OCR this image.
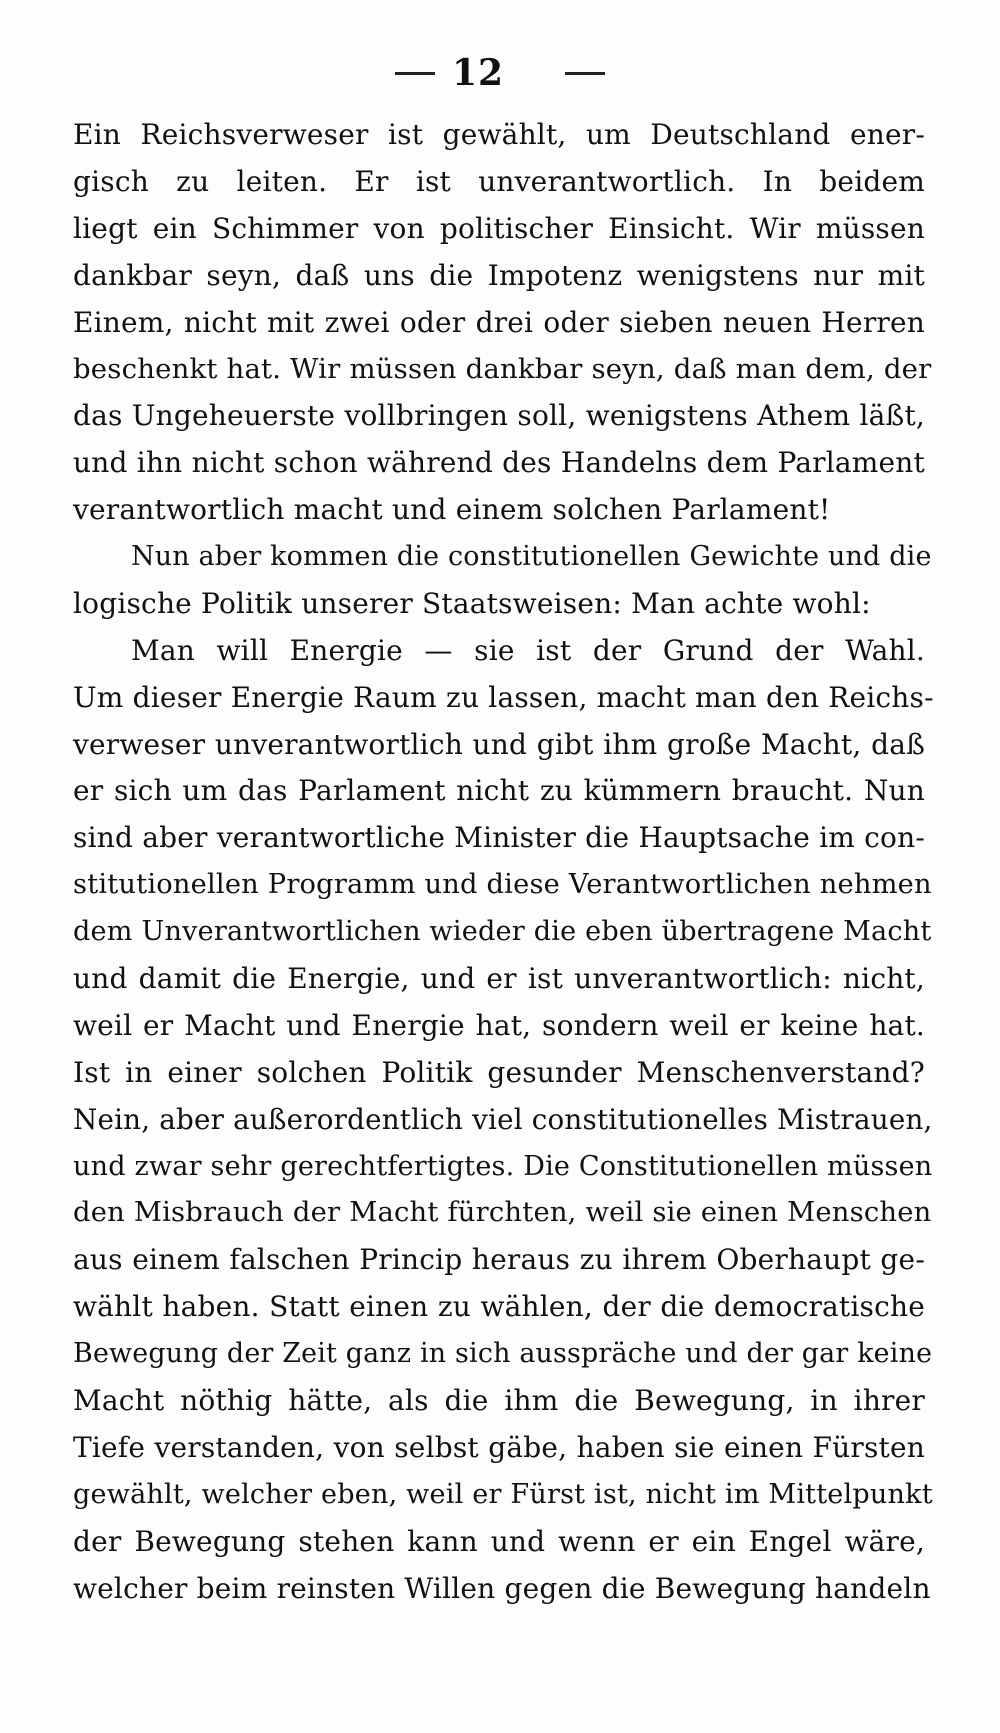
12
Ein Reichsverweser ist gewählt, um Deutschland ener-
gisch zu leiten. Er ist unverantwortlich. In beidem
liegt ein Schimmer von politischer Einsicht. Wir müssen
dankbar seyn, daß uns die Impotenz wenigstens nur mit
Einem, nicht mit zwei oder drei oder sieben neuen Herren
beschenkt hat. Wir müssen dankbar seyn, daß man dem, der
das Ungeheuerste vollbringen soll, wenigstens Athem läßt,
und ihn nicht schon während des Handelns dem Parlament
verantwortlich macht und einem solchen Parlament!
Nun aber kommen die constitutionellen Gewichte und die
logische Politik unserer Staatsweisen: Man achte wohl:
Man will Energie — sie ist der Grund der Wahl.
Um dieser Energie Raum zu lassen, macht man den Reichs-
verweser unverantwortlich und gibt ihm große Macht, daß
er sich um das Parlament nicht zu kümmern braucht. Nun
sind aber verantwortliche Minister die Hauptsache im con-
stitutionellen Programm und diese Verantwortlichen nehmen
dem Unverantwortlichen wieder die eben übertragene Macht
und damit die Energie, und er ist unverantwortlich: nicht,
weil er Macht und Energie hat, sondern weil er keine hat.
Ist in einer solchen Politik gesunder Menschenverstand?
Nein, aber außerordentlich viel constitutionelles Mistrauen,
und zwar sehr gerechtfertigtes. Die Constitutionellen müssen
den Misbrauch der Macht fürchten, weil sie einen Menschen
aus einem falschen Princip heraus zu ihrem Oberhaupt ge-
wählt haben. Statt einen zu wählen, der die democratische
Bewegung der Zeit ganz in sich ausspräche und der gar keine
Macht nöthig hätte, als die ihm die Bewegung, in ihrer
Tiefe verstanden, von selbst gäbe, haben sie einen Fürsten
gewählt, welcher eben, weil er Fürst ist, nicht im Mittelpunkt
der Bewegung stehen kann und wenn er ein Engel wäre,
welcher beim reinsten Willen gegen die Bewegung handeln
